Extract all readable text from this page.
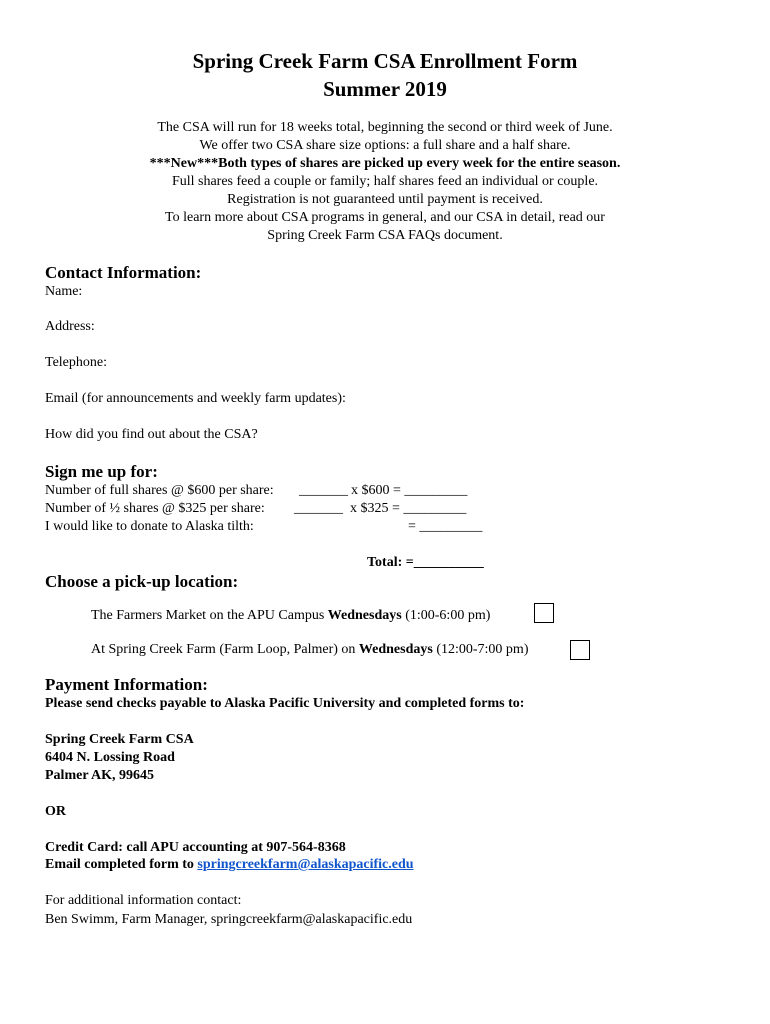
Spring Creek Farm CSA Enrollment Form
Summer 2019
The CSA will run for 18 weeks total, beginning the second or third week of June.
We offer two CSA share size options: a full share and a half share.
***New***Both types of shares are picked up every week for the entire season.
Full shares feed a couple or family; half shares feed an individual or couple.
Registration is not guaranteed until payment is received.
To learn more about CSA programs in general, and our CSA in detail, read our
Spring Creek Farm CSA FAQs document.
Contact Information:
Name:
Address:
Telephone:
Email (for announcements and weekly farm updates):
How did you find out about the CSA?
Sign me up for:
Number of full shares @ $600 per share: _______ x $600 = _________
Number of ½ shares @ $325 per share: _______ x $325 = _________
I would like to donate to Alaska tilth:	= _________
Total: =__________
Choose a pick-up location:
The Farmers Market on the APU Campus Wednesdays (1:00-6:00 pm)
At Spring Creek Farm (Farm Loop, Palmer) on Wednesdays (12:00-7:00 pm)
Payment Information:
Please send checks payable to Alaska Pacific University and completed forms to:
Spring Creek Farm CSA
6404 N. Lossing Road
Palmer AK, 99645
OR
Credit Card: call APU accounting at 907-564-8368
Email completed form to springcreekfarm@alaskapacific.edu
For additional information contact:
Ben Swimm, Farm Manager, springcreekfarm@alaskapacific.edu
